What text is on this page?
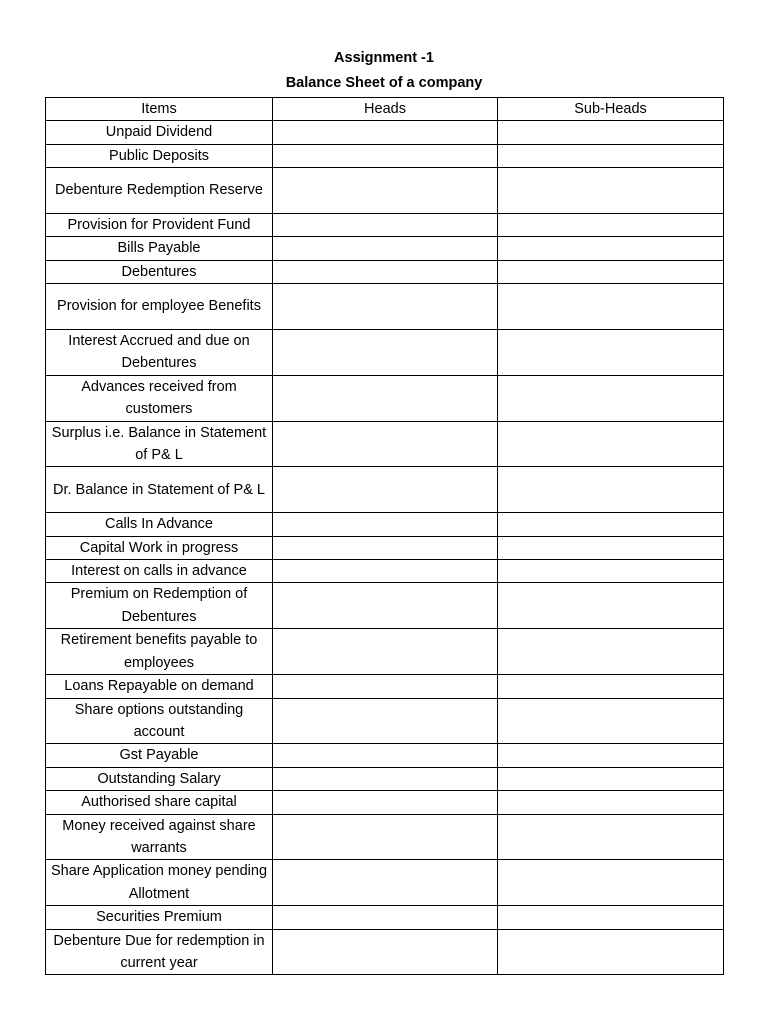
Assignment -1
Balance Sheet of a company
Items	Heads	Sub-Heads
Unpaid Dividend		
Public Deposits		
Debenture Redemption Reserve		
Provision for Provident Fund		
Bills Payable		
Debentures		
Provision for employee Benefits		
Interest Accrued and due on Debentures		
Advances received from customers		
Surplus i.e. Balance in Statement of P& L		
Dr. Balance in Statement of P& L		
Calls In Advance		
Capital Work in progress		
Interest on calls in advance		
Premium on Redemption of Debentures		
Retirement benefits payable to employees		
Loans Repayable on demand		
Share options outstanding account		
Gst Payable		
Outstanding Salary		
Authorised share capital		
Money received against share warrants		
Share Application money pending Allotment		
Securities Premium		
Debenture Due for redemption in current year		
